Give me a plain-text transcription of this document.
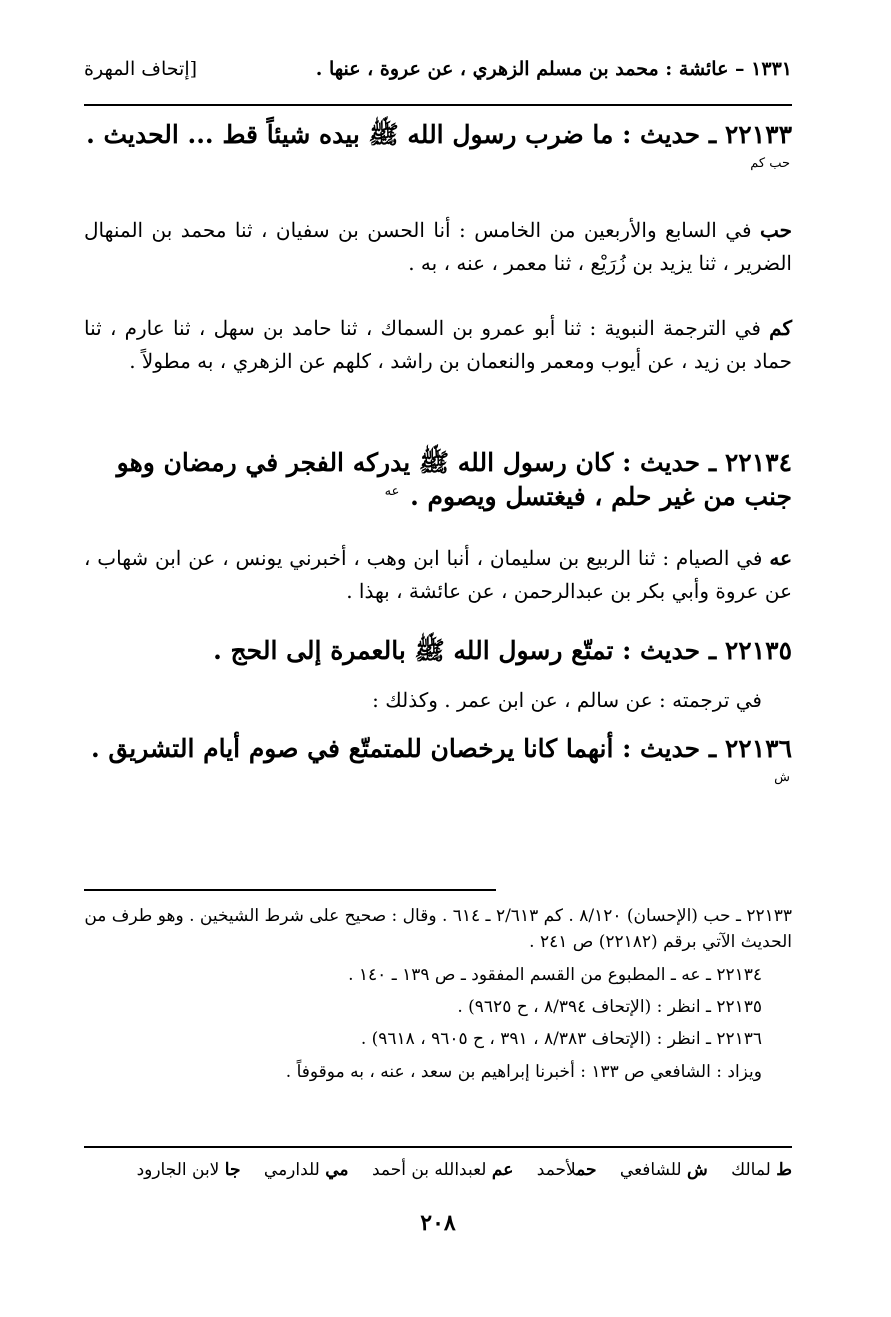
١٣٣١ – عائشة : محمد بن مسلم الزهري ، عن عروة ، عنها .
[إتحاف المهرة
٢٢١٣٣ ـ حديث : ما ضرب رسول الله ﷺ بيده شيئاً قط ... الحديث . $^{حب كم}$
حب في السابع والأربعين من الخامس : أنا الحسن بن سفيان ، ثنا محمد بن المنهال الضرير ، ثنا يزيد بن زُرَيْع ، ثنا معمر ، عنه ، به .
كم في الترجمة النبوية : ثنا أبو عمرو بن السماك ، ثنا حامد بن سهل ، ثنا عارم ، ثنا حماد بن زيد ، عن أيوب ومعمر والنعمان بن راشد ، كلهم عن الزهري ، به مطولاً .
٢٢١٣٤ ـ حديث : كان رسول الله ﷺ يدركه الفجر في رمضان وهو جنب من غير حلم ، فيغتسل ويصوم . $^{عه}$
عه في الصيام : ثنا الربيع بن سليمان ، أنبا ابن وهب ، أخبرني يونس ، عن ابن شهاب ، عن عروة وأبي بكر بن عبدالرحمن ، عن عائشة ، بهذا .
٢٢١٣٥ ـ حديث : تمتّع رسول الله ﷺ بالعمرة إلى الحج .
في ترجمته : عن سالم ، عن ابن عمر . وكذلك :
٢٢١٣٦ ـ حديث : أنهما كانا يرخصان للمتمتّع في صوم أيام التشريق . $^ش$
٢٢١٣٣ ـ حب (الإحسان) ٨/١٢٠ . كم ٢/٦١٣ ـ ٦١٤ . وقال : صحيح على شرط الشيخين . وهو طرف من الحديث الآتي برقم (٢٢١٨٢) ص ٢٤١ .
٢٢١٣٤ ـ عه ـ المطبوع من القسم المفقود ـ ص ١٣٩ ـ ١٤٠ .
٢٢١٣٥ ـ انظر : (الإتحاف ٨/٣٩٤ ، ح ٩٦٢٥) .
٢٢١٣٦ ـ انظر : (الإتحاف ٨/٣٨٣ ، ٣٩١ ، ح ٩٦٠٥ ، ٩٦١٨) .
ويزاد : الشافعي ص ١٣٣ : أخبرنا إبراهيم بن سعد ، عنه ، به موقوفاً .
ط لمالك ش للشافعي حملأحمد عم لعبدالله بن أحمد مي للدارمي جا لابن الجارود
٢٠٨
